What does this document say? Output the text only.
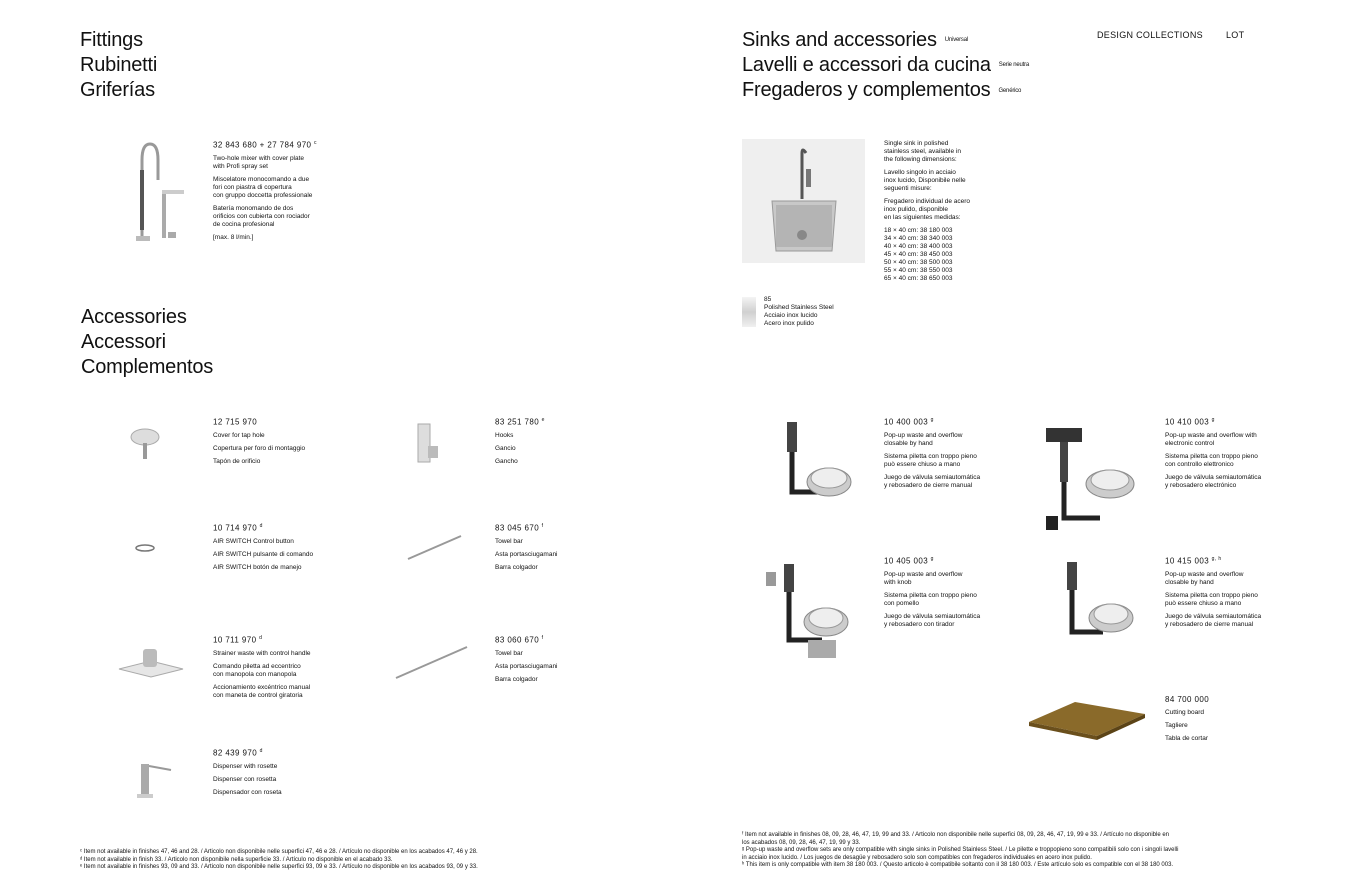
Fittings

Rubinetti

Griferías

32 843 680 + 27 784 970 $^c$
Two-hole mixer with cover plate
with Profi spray set
Miscelatore monocomando a due
fori con piastra di copertura
con gruppo doccetta professionale
Batería monomando de dos
orificios con cubierta con rociador
de cocina profesional
[max. 8 l/min.]

Accessories

Accessori

Complementos

12 715 970
Cover for tap hole
Copertura per foro di montaggio
Tapón de orificio
10 714 970 $^d$
AIR SWITCH Control button
AIR SWITCH pulsante di comando
AIR SWITCH botón de manejo
10 711 970 $^d$
Strainer waste with control handle
Comando piletta ad eccentrico
con manopola con manopola
Accionamiento excéntrico manual
con maneta de control giratoria
82 439 970 $^d$
Dispenser with rosette
Dispenser con rosetta
Dispensador con roseta
83 251 780 $^e$
Hooks
Gancio
Gancho
83 045 670 $^f$
Towel bar
Asta portasciugamani
Barra colgador
83 060 670 $^f$
Towel bar
Asta portasciugamani
Barra colgador
ᶜ Item not available in finishes 47, 46 and 28. / Articolo non disponibile nelle superfici 47, 46 e 28. / Artículo no disponible en los acabados 47, 46 y 28.
ᵈ Item not available in finish 33. / Articolo non disponibile nella superficie 33. / Artículo no disponible en el acabado 33.
ᵉ Item not available in finishes 93, 09 and 33. / Articolo non disponibile nelle superfici 93, 09 e 33. / Artículo no disponible en los acabados 93, 09 y 33.

Sinks and accessories Universal

Lavelli e accessori da cucina Serie neutra

Fregaderos y complementos Genérico

DESIGN COLLECTIONS	LOT
Single sink in polished
stainless steel, available in
the following dimensions:
Lavello singolo in acciaio
inox lucido, Disponibile nelle
seguenti misure:
Fregadero individual de acero
inox pulido, disponible
en las siguientes medidas:
18 × 40 cm: 38 180 003
34 × 40 cm: 38 340 003
40 × 40 cm: 38 400 003
45 × 40 cm: 38 450 003
50 × 40 cm: 38 500 003
55 × 40 cm: 38 550 003
65 × 40 cm: 38 650 003
85
Polished Stainless Steel
Acciaio inox lucido
Acero inox pulido
10 400 003 $^g$
Pop-up waste and overflow
closable by hand
Sistema piletta con troppo pieno
può essere chiuso a mano
Juego de válvula semiautomática
y rebosadero de cierre manual
10 410 003 $^g$
Pop-up waste and overflow with
electronic control
Sistema piletta con troppo pieno
con controllo elettronico
Juego de válvula semiautomática
y rebosadero electrónico
10 405 003 $^g$
Pop-up waste and overflow
with knob
Sistema piletta con troppo pieno
con pomello
Juego de válvula semiautomática
y rebosadero con tirador
10 415 003 $^{g, h}$
Pop-up waste and overflow
closable by hand
Sistema piletta con troppo pieno
può essere chiuso a mano
Juego de válvula semiautomática
y rebosadero de cierre manual
84 700 000
Cutting board
Tagliere
Tabla de cortar
ᶠ Item not available in finishes 08, 09, 28, 46, 47, 19, 99 and 33. / Articolo non disponibile nelle superfici 08, 09, 28, 46, 47, 19, 99 e 33. / Artículo no disponible en
los acabados 08, 09, 28, 46, 47, 19, 99 y 33.
ᵍ Pop-up waste and overflow sets are only compatible with single sinks in Polished Stainless Steel. / Le pilette e troppopieno sono compatibili solo con i singoli lavelli
in acciaio inox lucido. / Los juegos de desagüe y rebosadero solo son compatibles con fregaderos individuales en acero inox pulido.
ʰ This item is only compatible with item 38 180 003. / Questo articolo è compatibile soltanto con il 38 180 003. / Este artículo solo es compatible con el 38 180 003.
